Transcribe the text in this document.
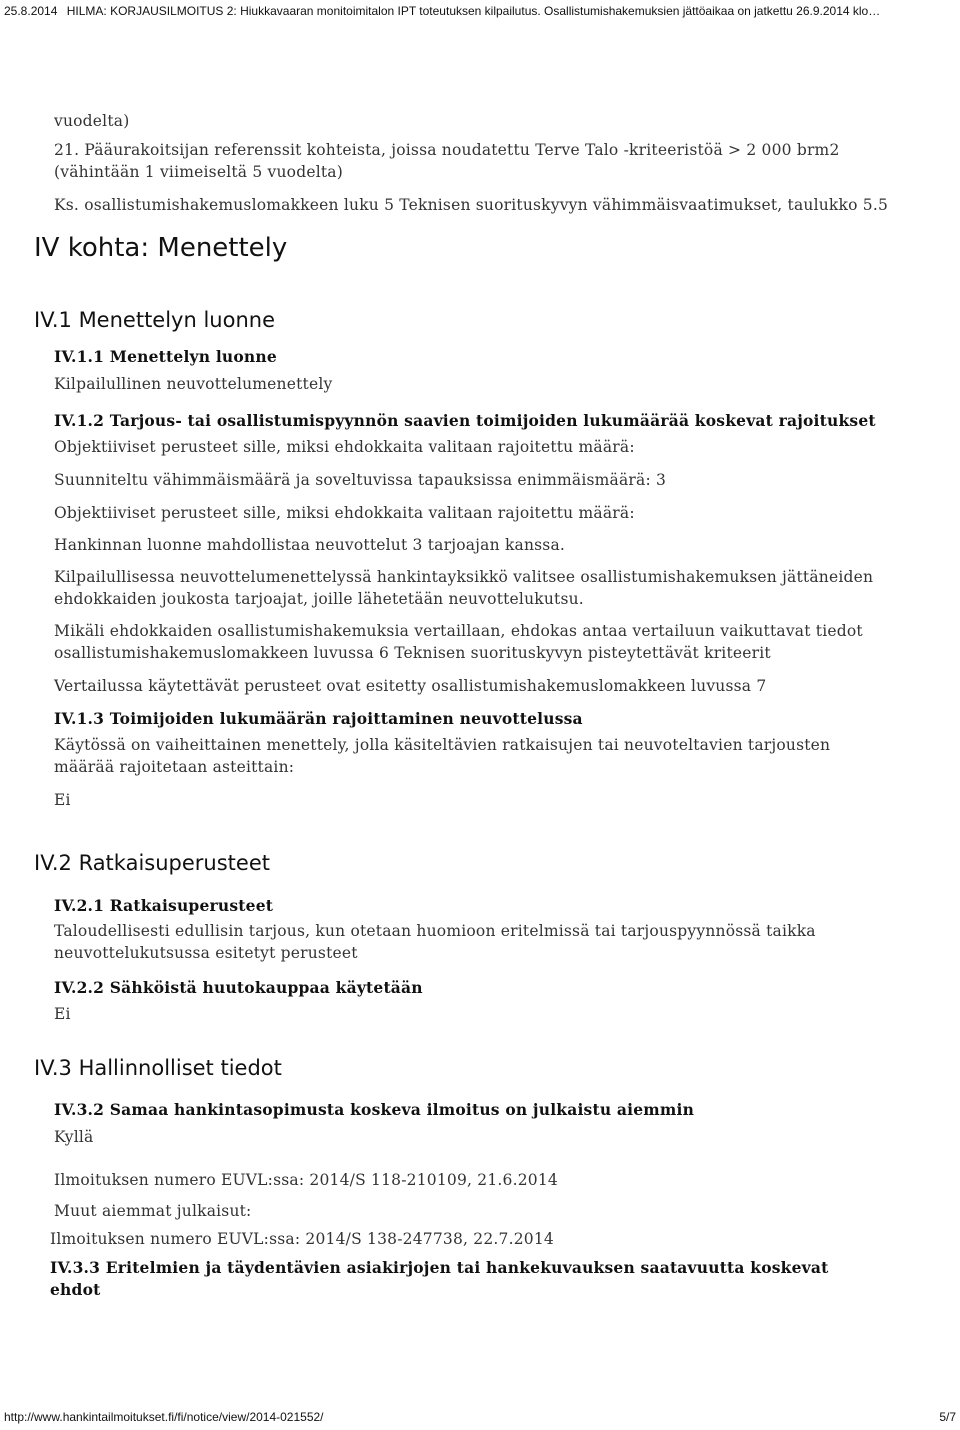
25.8.2014 HILMA: KORJAUSILMOITUS 2: Hiukkavaaran monitoimitalon IPT toteutuksen kilpailutus. Osallistumishakemuksien jättöaikaa on jatkettu 26.9.2014 klo…
vuodelta)
21. Pääurakoitsijan referenssit kohteista, joissa noudatettu Terve Talo -kriteeristöä > 2 000 brm2
(vähintään 1 viimeiseltä 5 vuodelta)
Ks. osallistumishakemuslomakkeen luku 5 Teknisen suorituskyvyn vähimmäisvaatimukset, taulukko 5.5
IV kohta: Menettely
IV.1 Menettelyn luonne
IV.1.1 Menettelyn luonne
Kilpailullinen neuvottelumenettely
IV.1.2 Tarjous- tai osallistumispyynnön saavien toimijoiden lukumäärää koskevat rajoitukset
Objektiiviset perusteet sille, miksi ehdokkaita valitaan rajoitettu määrä:
Suunniteltu vähimmäismäärä ja soveltuvissa tapauksissa enimmäismäärä: 3
Objektiiviset perusteet sille, miksi ehdokkaita valitaan rajoitettu määrä:
Hankinnan luonne mahdollistaa neuvottelut 3 tarjoajan kanssa.
Kilpailullisessa neuvottelumenettelyssä hankintayksikkö valitsee osallistumishakemuksen jättäneiden
ehdokkaiden joukosta tarjoajat, joille lähetetään neuvottelukutsu.
Mikäli ehdokkaiden osallistumishakemuksia vertaillaan, ehdokas antaa vertailuun vaikuttavat tiedot
osallistumishakemuslomakkeen luvussa 6 Teknisen suorituskyvyn pisteytettävät kriteerit
Vertailussa käytettävät perusteet ovat esitetty osallistumishakemuslomakkeen luvussa 7
IV.1.3 Toimijoiden lukumäärän rajoittaminen neuvottelussa
Käytössä on vaiheittainen menettely, jolla käsiteltävien ratkaisujen tai neuvoteltavien tarjousten
määrää rajoitetaan asteittain:
Ei
IV.2 Ratkaisuperusteet
IV.2.1 Ratkaisuperusteet
Taloudellisesti edullisin tarjous, kun otetaan huomioon eritelmissä tai tarjouspyynnössä taikka
neuvottelukutsussa esitetyt perusteet
IV.2.2 Sähköistä huutokauppaa käytetään
Ei
IV.3 Hallinnolliset tiedot
IV.3.2 Samaa hankintasopimusta koskeva ilmoitus on julkaistu aiemmin
Kyllä
Ilmoituksen numero EUVL:ssa: 2014/S 118-210109, 21.6.2014
Muut aiemmat julkaisut:
Ilmoituksen numero EUVL:ssa: 2014/S 138-247738, 22.7.2014
IV.3.3 Eritelmien ja täydentävien asiakirjojen tai hankekuvauksen saatavuutta koskevat
ehdot
http://www.hankintailmoitukset.fi/fi/notice/view/2014-021552/	5/7
